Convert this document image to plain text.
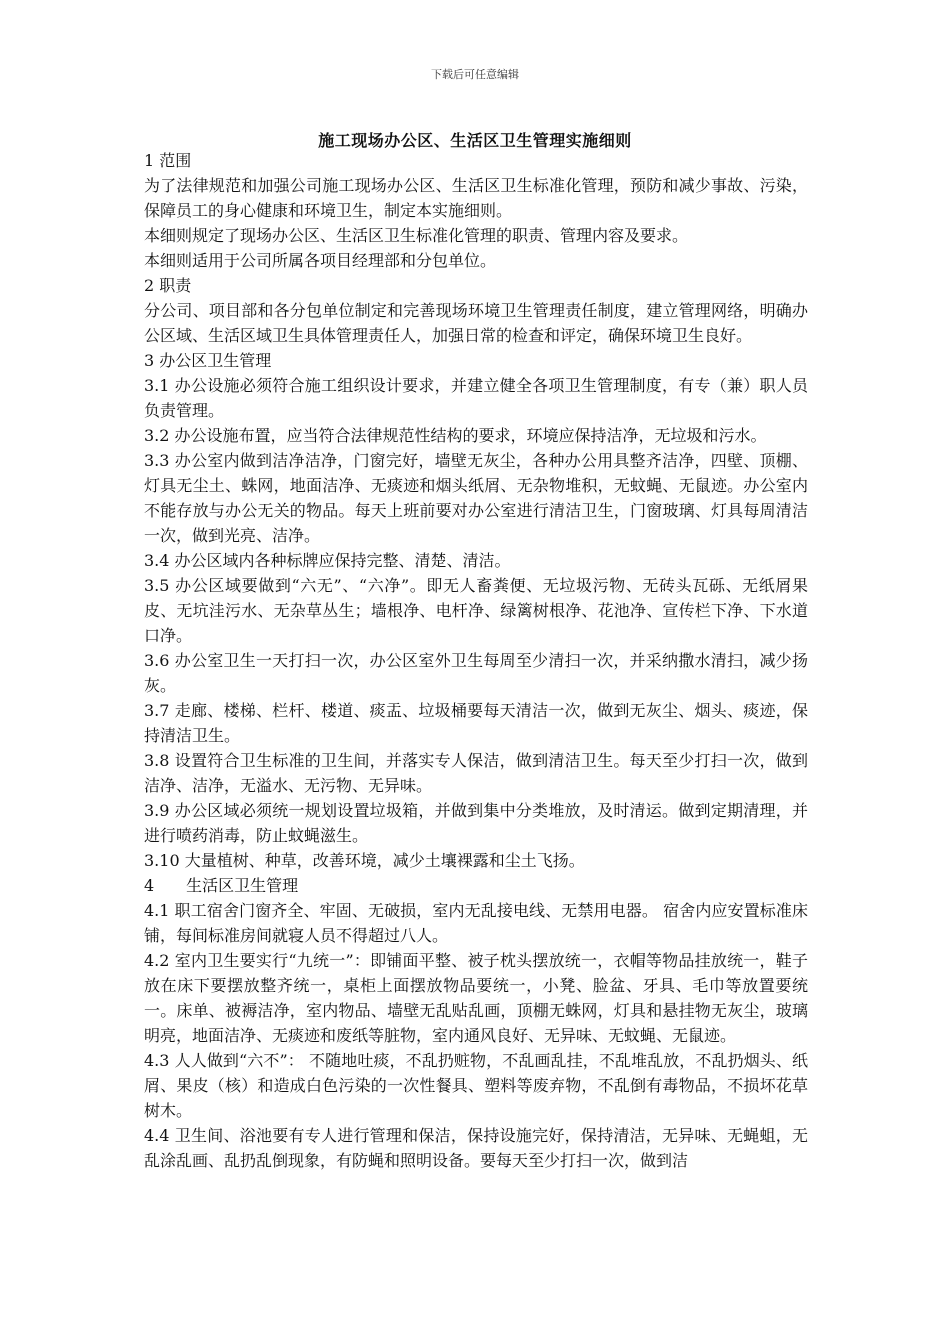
下载后可任意编辑
施工现场办公区、生活区卫生管理实施细则

1 范围

为了法律规范和加强公司施工现场办公区、生活区卫生标准化管理，预防和减少事故、污染，保障员工的身心健康和环境卫生，制定本实施细则。

本细则规定了现场办公区、生活区卫生标准化管理的职责、管理内容及要求。

本细则适用于公司所属各项目经理部和分包单位。

2 职责

分公司、项目部和各分包单位制定和完善现场环境卫生管理责任制度，建立管理网络，明确办公区域、生活区域卫生具体管理责任人，加强日常的检查和评定，确保环境卫生良好。

3 办公区卫生管理

3.1 办公设施必须符合施工组织设计要求，并建立健全各项卫生管理制度，有专（兼）职人员负责管理。

3.2 办公设施布置，应当符合法律规范性结构的要求，环境应保持洁净，无垃圾和污水。

3.3 办公室内做到洁净洁净，门窗完好，墙壁无灰尘，各种办公用具整齐洁净，四壁、顶棚、灯具无尘土、蛛网，地面洁净、无痰迹和烟头纸屑、无杂物堆积，无蚊蝇、无鼠迹。办公室内不能存放与办公无关的物品。每天上班前要对办公室进行清洁卫生，门窗玻璃、灯具每周清洁一次，做到光亮、洁净。

3.4 办公区域内各种标牌应保持完整、清楚、清洁。

3.5 办公区域要做到“六无”、“六净”。即无人畜粪便、无垃圾污物、无砖头瓦砾、无纸屑果皮、无坑洼污水、无杂草丛生；墙根净、电杆净、绿篱树根净、花池净、宣传栏下净、下水道口净。

3.6 办公室卫生一天打扫一次，办公区室外卫生每周至少清扫一次，并采纳撒水清扫，减少扬灰。

3.7 走廊、楼梯、栏杆、楼道、痰盂、垃圾桶要每天清洁一次，做到无灰尘、烟头、痰迹，保持清洁卫生。

3.8 设置符合卫生标准的卫生间，并落实专人保洁，做到清洁卫生。每天至少打扫一次，做到洁净、洁净，无溢水、无污物、无异味。

3.9 办公区域必须统一规划设置垃圾箱，并做到集中分类堆放，及时清运。做到定期清理，并进行喷药消毒，防止蚊蝇滋生。

3.10 大量植树、种草，改善环境，减少土壤裸露和尘土飞扬。

4　　生活区卫生管理

4.1 职工宿舍门窗齐全、牢固、无破损，室内无乱接电线、无禁用电器。 宿舍内应安置标准床铺，每间标准房间就寝人员不得超过八人。

4.2 室内卫生要实行“九统一”：即铺面平整、被子枕头摆放统一，衣帽等物品挂放统一，鞋子放在床下要摆放整齐统一，桌柜上面摆放物品要统一，小凳、脸盆、牙具、毛巾等放置要统一。床单、被褥洁净，室内物品、墙壁无乱贴乱画，顶棚无蛛网，灯具和悬挂物无灰尘，玻璃明亮，地面洁净、无痰迹和废纸等脏物，室内通风良好、无异味、无蚊蝇、无鼠迹。

4.3 人人做到“六不”： 不随地吐痰，不乱扔赃物，不乱画乱挂，不乱堆乱放，不乱扔烟头、纸屑、果皮（核）和造成白色污染的一次性餐具、塑料等废弃物，不乱倒有毒物品，不损坏花草树木。

4.4 卫生间、浴池要有专人进行管理和保洁，保持设施完好，保持清洁，无异味、无蝇蛆，无乱涂乱画、乱扔乱倒现象，有防蝇和照明设备。要每天至少打扫一次，做到洁
